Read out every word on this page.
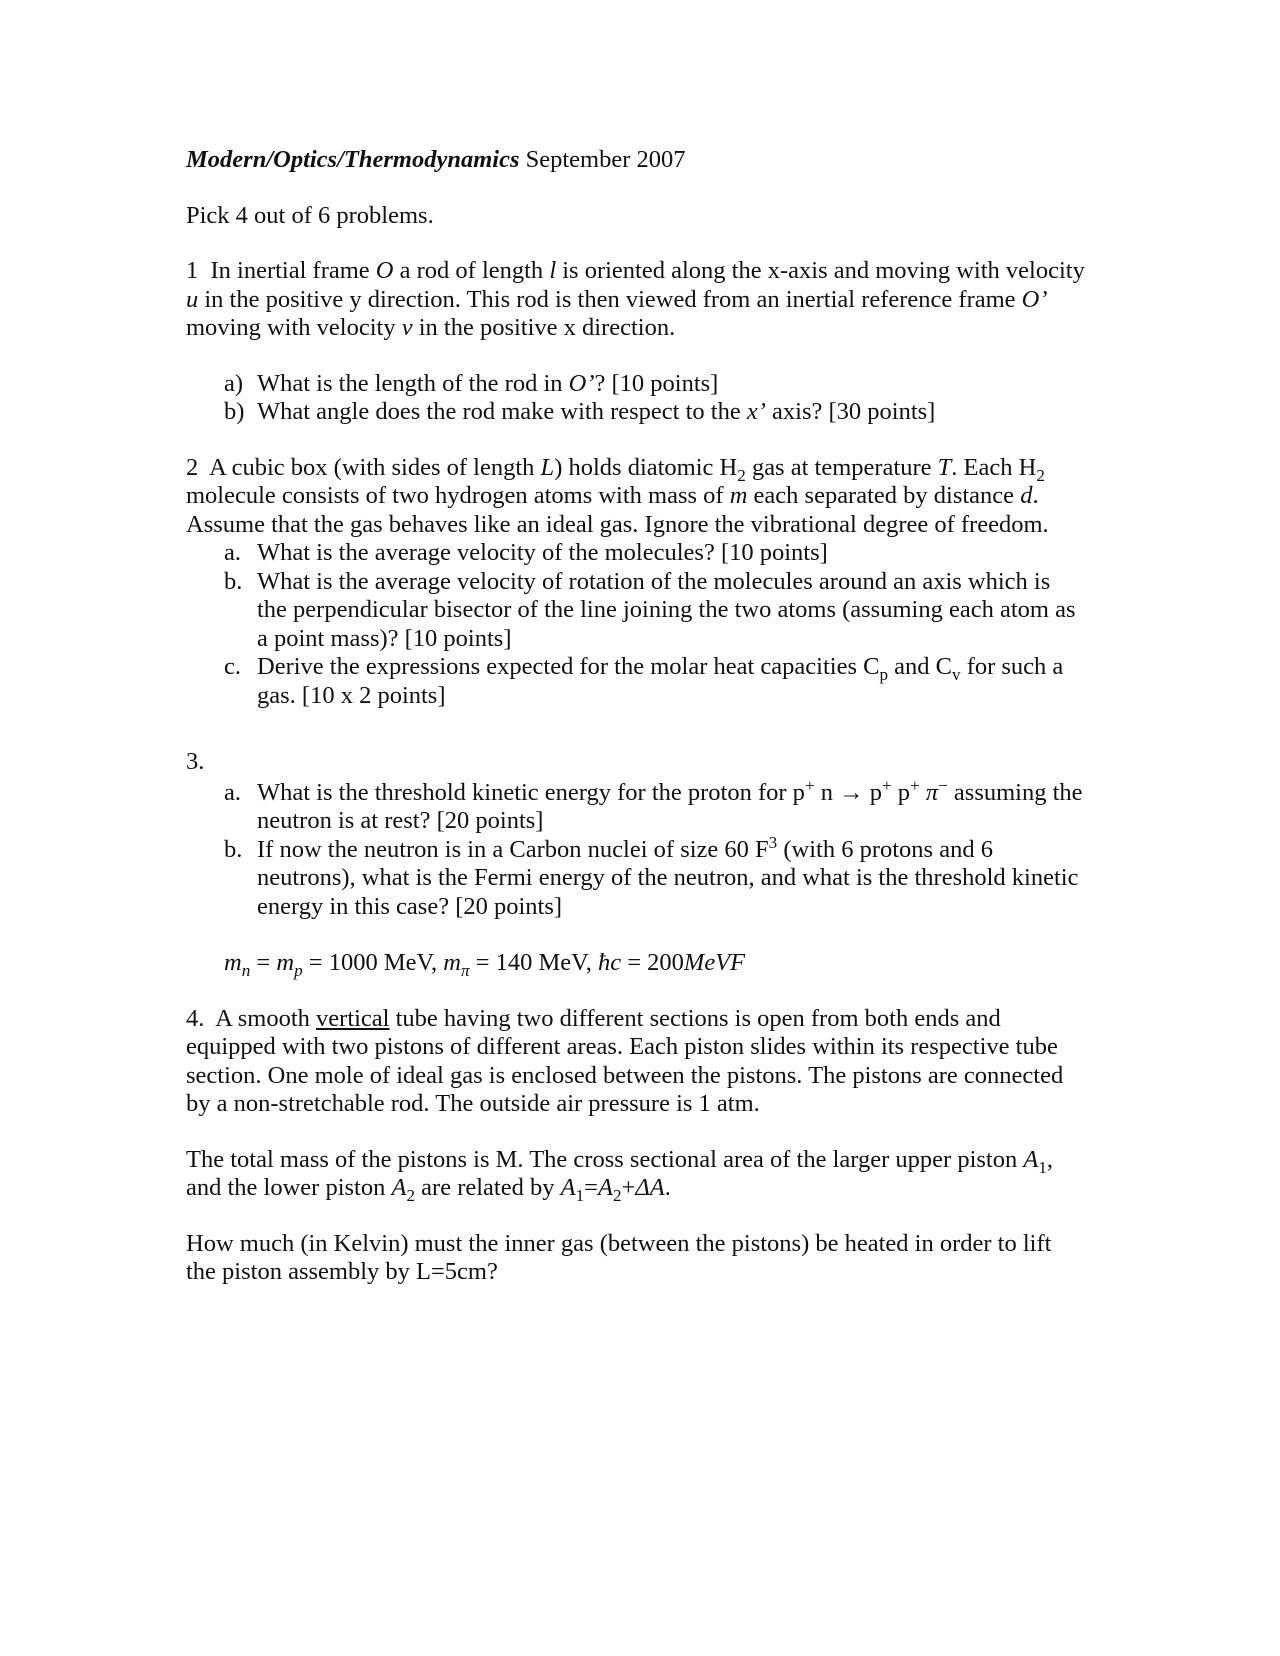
Modern/Optics/Thermodynamics September 2007

Pick 4 out of 6 problems.

1 In inertial frame O a rod of length l is oriented along the x-axis and moving with velocity u in the positive y direction. This rod is then viewed from an inertial reference frame O’ moving with velocity v in the positive x direction.

a) What is the length of the rod in O’? [10 points]
b) What angle does the rod make with respect to the x’ axis? [30 points]

2 A cubic box (with sides of length L) holds diatomic $H_2$ gas at temperature T. Each $H_2$ molecule consists of two hydrogen atoms with mass of m each separated by distance d. Assume that the gas behaves like an ideal gas. Ignore the vibrational degree of freedom.

a. What is the average velocity of the molecules? [10 points]
b. What is the average velocity of rotation of the molecules around an axis which is the perpendicular bisector of the line joining the two atoms (assuming each atom as a point mass)? [10 points]
c. Derive the expressions expected for the molar heat capacities $C_p$ and $C_v$ for such a gas. [10 x 2 points]

3.

a. What is the threshold kinetic energy for the proton for p+ n → p+ p+ π− assuming the neutron is at rest? [20 points]
b. If now the neutron is in a Carbon nuclei of size 60 $F^3$ (with 6 protons and 6 neutrons), what is the Fermi energy of the neutron, and what is the threshold kinetic energy in this case? [20 points]

$m_n = m_p = 1000$ MeV, $m_\pi = 140$ MeV, ħc = 200MeVF

4. A smooth vertical tube having two different sections is open from both ends and equipped with two pistons of different areas. Each piston slides within its respective tube section. One mole of ideal gas is enclosed between the pistons. The pistons are connected by a non-stretchable rod. The outside air pressure is 1 atm.

The total mass of the pistons is M. The cross sectional area of the larger upper piston $A_1$, and the lower piston $A_2$ are related by $A_1=A_2+\Delta A$.

How much (in Kelvin) must the inner gas (between the pistons) be heated in order to lift the piston assembly by L=5cm?
